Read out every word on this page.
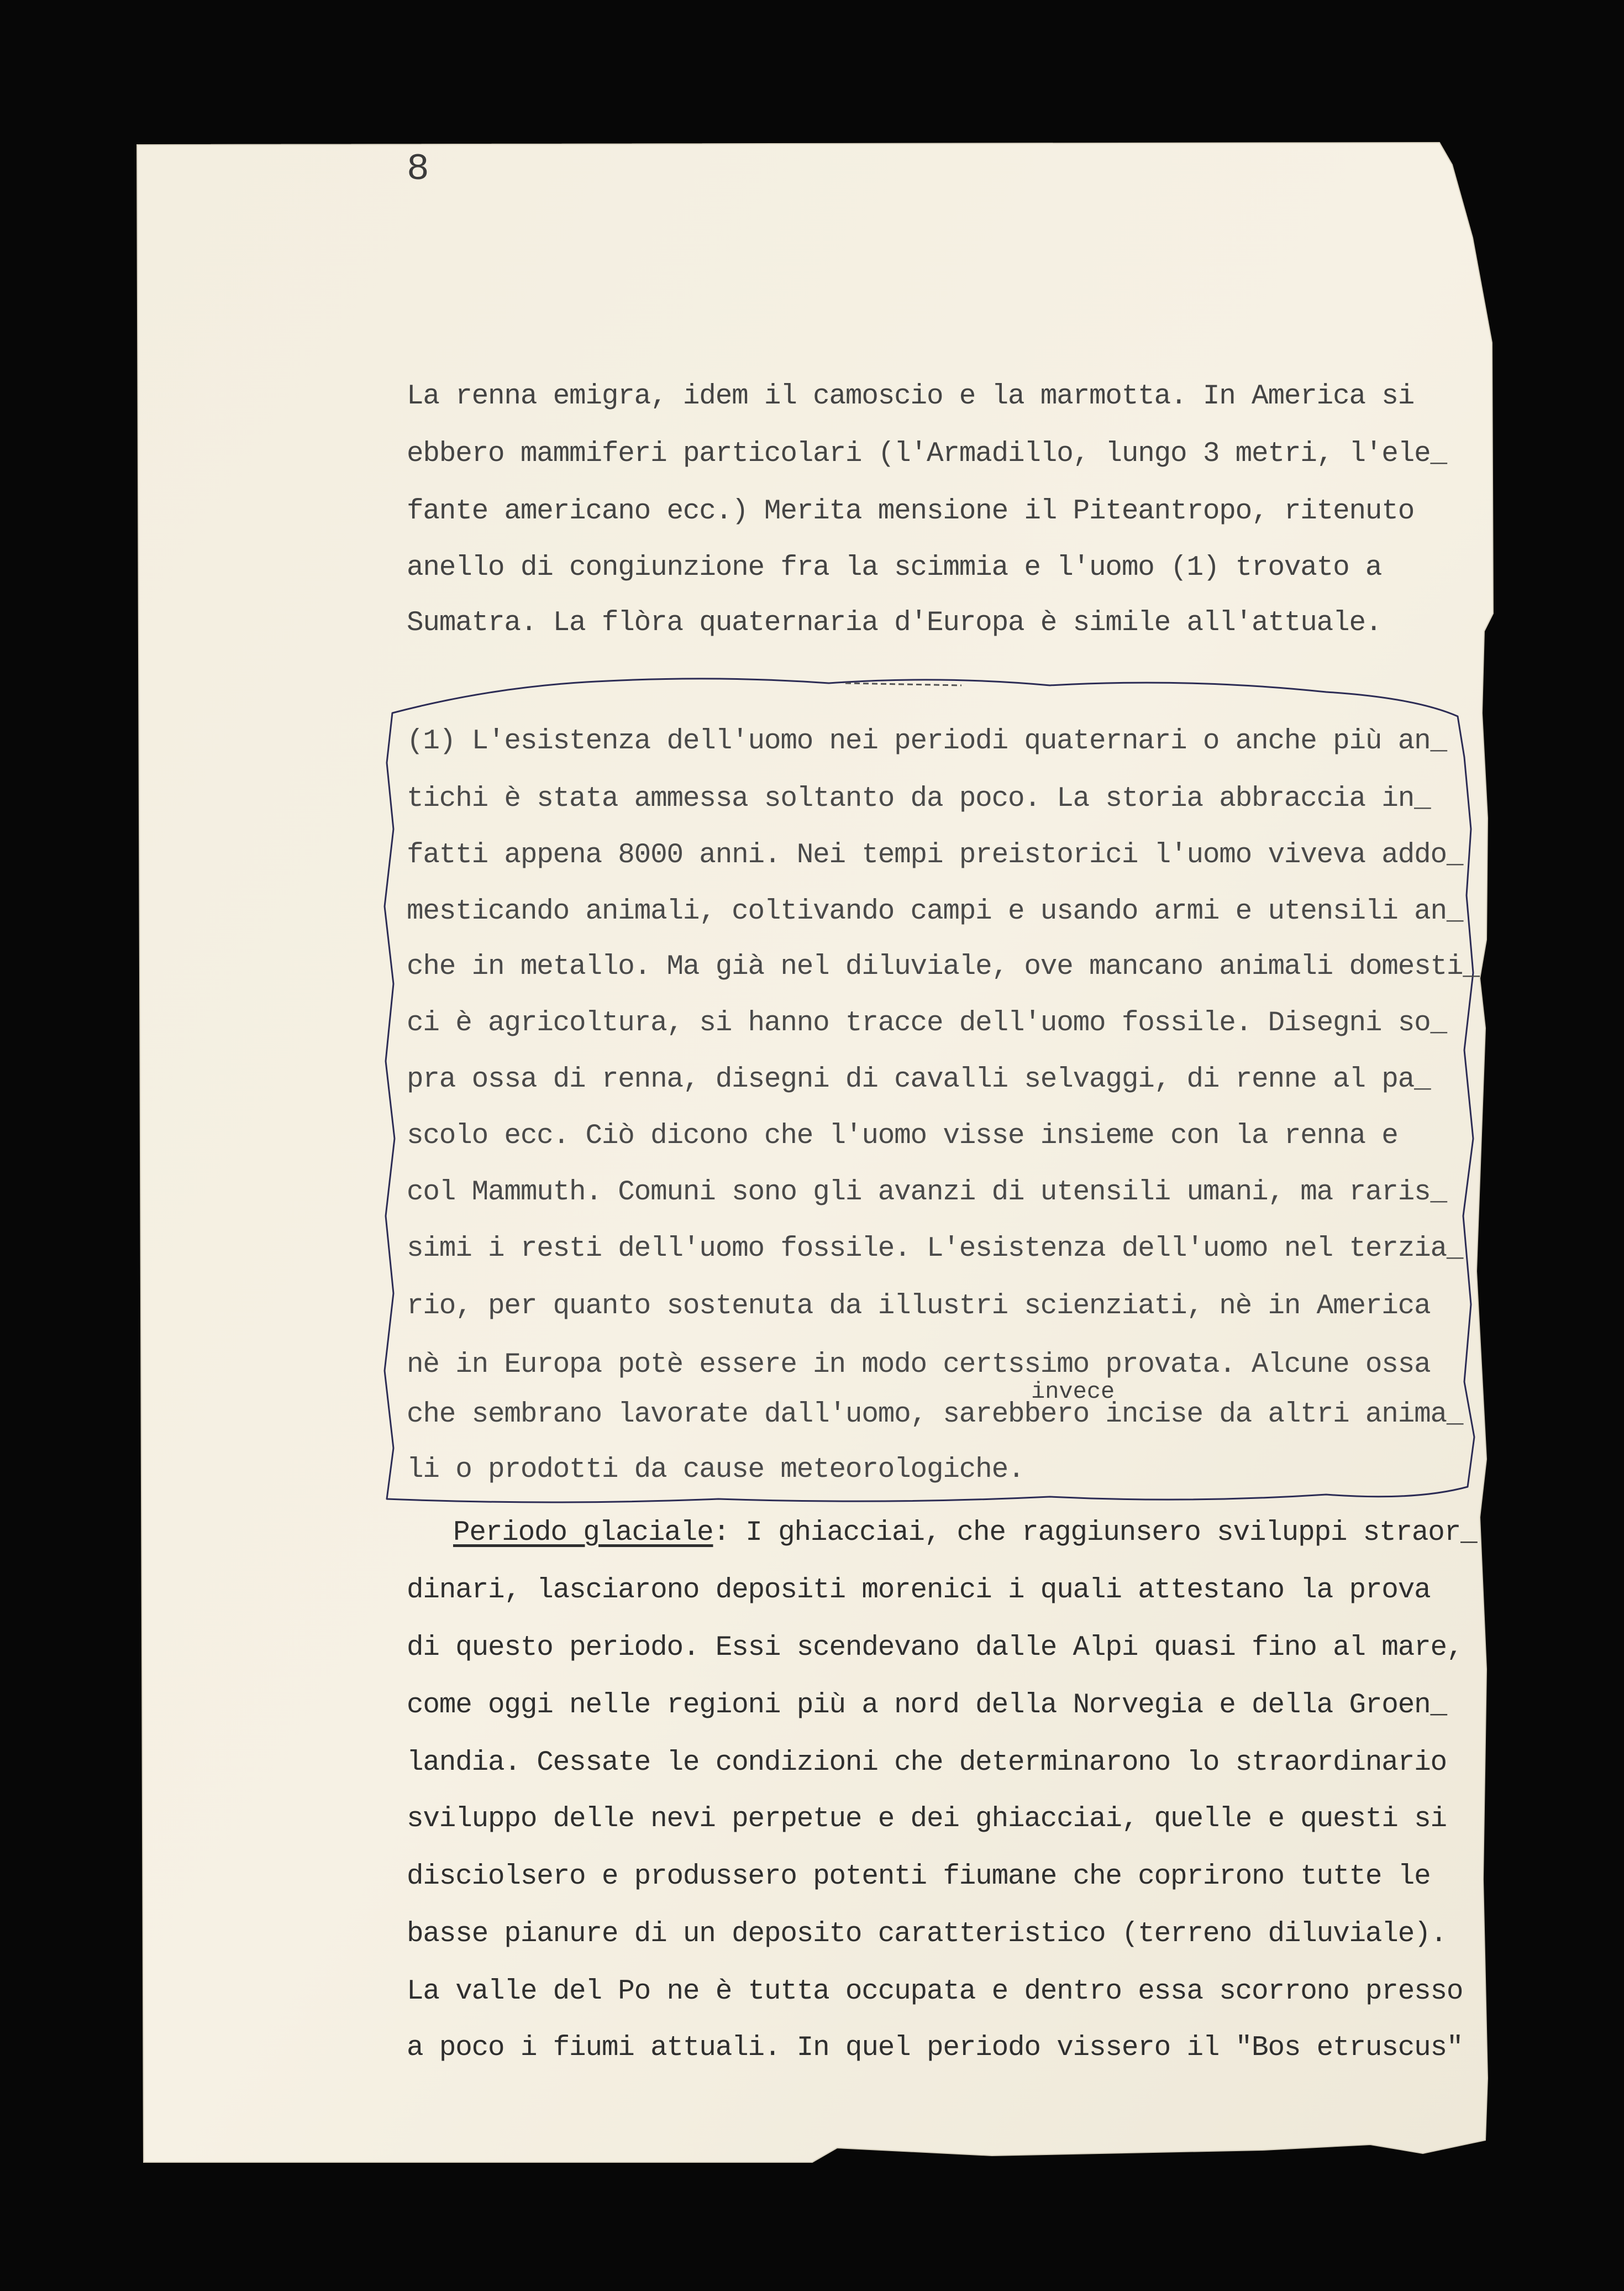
8

La renna emigra, idem il camoscio e la marmotta. In America si

ebbero mammiferi particolari (l'Armadillo, lungo 3 metri, l'ele_

fante americano ecc.) Merita mensione il Piteantropo, ritenuto

anello di congiunzione fra la scimmia e l'uomo (1) trovato a

Sumatra. La flòra quaternaria d'Europa è simile all'attuale.

(1) L'esistenza dell'uomo nei periodi quaternari o anche più an_

tichi è stata ammessa soltanto da poco. La storia abbraccia in_

fatti appena 8000 anni. Nei tempi preistorici l'uomo viveva addo_

mesticando animali, coltivando campi e usando armi e utensili an_

che in metallo. Ma già nel diluviale, ove mancano animali domesti_

ci è agricoltura, si hanno tracce dell'uomo fossile. Disegni so_

pra ossa di renna, disegni di cavalli selvaggi, di renne al pa_

scolo ecc. Ciò dicono che l'uomo visse insieme con la renna e

col Mammuth. Comuni sono gli avanzi di utensili umani, ma raris_

simi i resti dell'uomo fossile. L'esistenza dell'uomo nel terzia_

rio, per quanto sostenuta da illustri scienziati, nè in America

nè in Europa potè essere in modo certssimo provata. Alcune ossa

invece

che sembrano lavorate dall'uomo, sarebbero incise da altri anima_

li o prodotti da cause meteorologiche.

Periodo glaciale: I ghiacciai, che raggiunsero sviluppi straor_

dinari, lasciarono depositi morenici i quali attestano la prova

di questo periodo. Essi scendevano dalle Alpi quasi fino al mare,

come oggi nelle regioni più a nord della Norvegia e della Groen_

landia. Cessate le condizioni che determinarono lo straordinario

sviluppo delle nevi perpetue e dei ghiacciai, quelle e questi si

disciolsero e produssero potenti fiumane che coprirono tutte le

basse pianure di un deposito caratteristico (terreno diluviale).

La valle del Po ne è tutta occupata e dentro essa scorrono presso

a poco i fiumi attuali. In quel periodo vissero il "Bos etruscus"
